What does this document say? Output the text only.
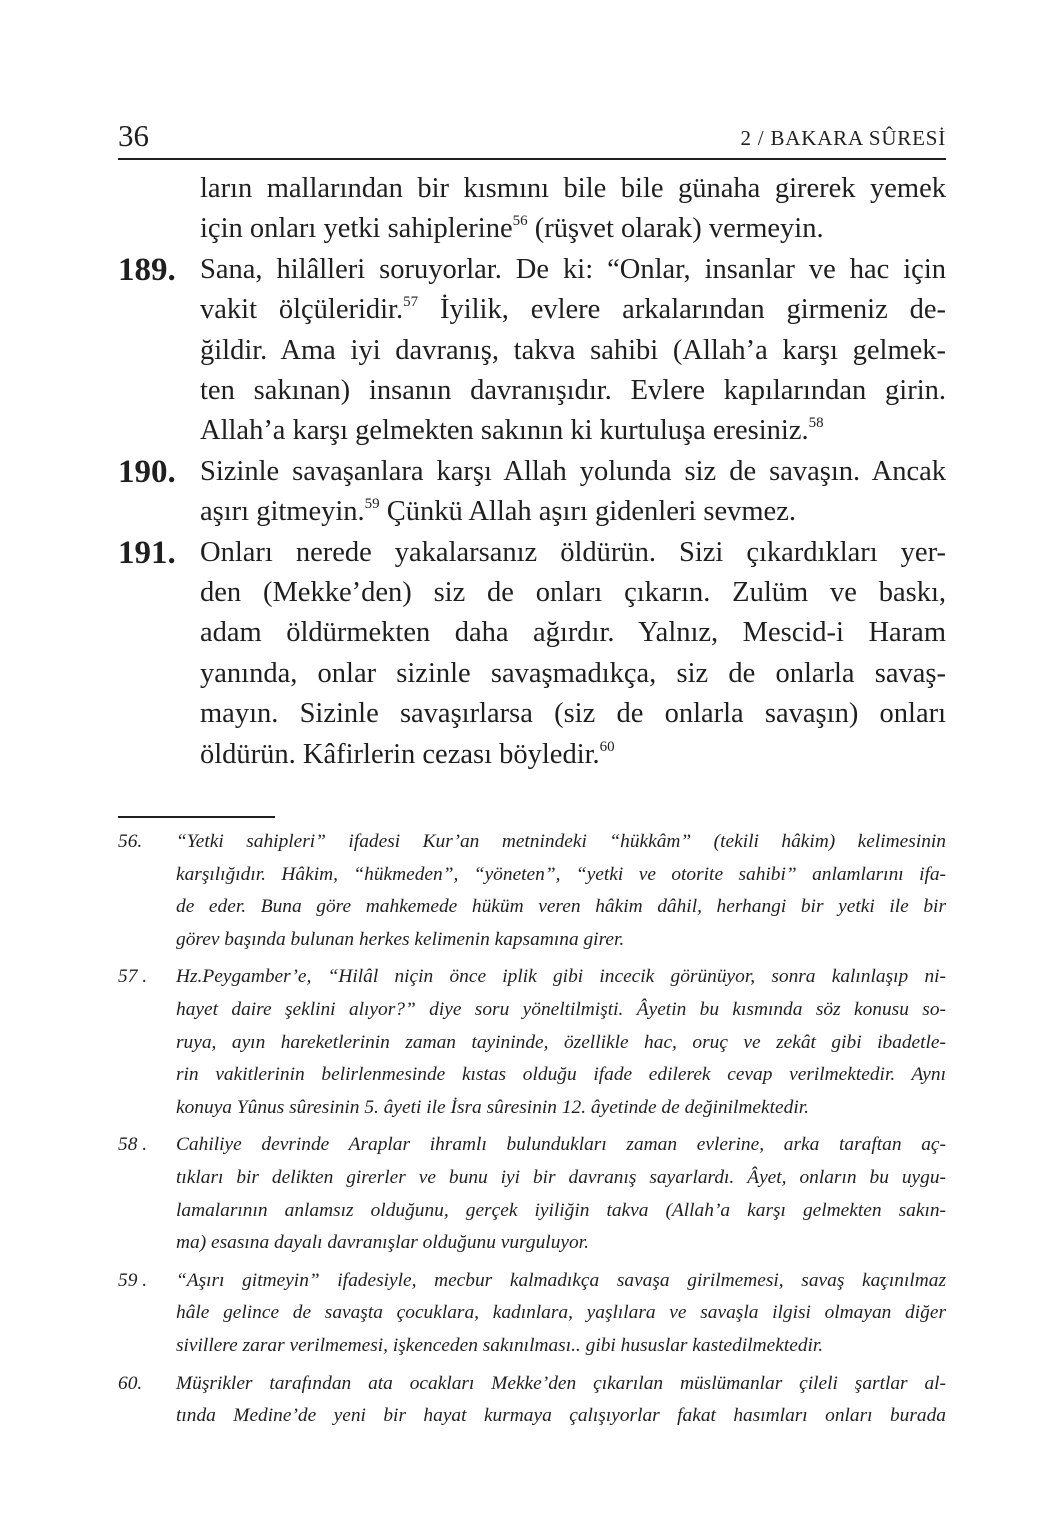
36	2 / BAKARA SÛRESİ
ların mallarından bir kısmını bile bile günaha girerek yemek
için onları yetki sahiplerine$^{56}$ (rüşvet olarak) vermeyin.
189. Sana, hilâlleri soruyorlar. De ki: “Onlar, insanlar ve hac için
vakit ölçüleridir.$^{57}$ İyilik, evlere arkalarından girmeniz de-
ğildir. Ama iyi davranış, takva sahibi (Allah’a karşı gelmek-
ten sakınan) insanın davranışıdır. Evlere kapılarından girin.
Allah’a karşı gelmekten sakının ki kurtuluşa eresiniz.$^{58}$
190. Sizinle savaşanlara karşı Allah yolunda siz de savaşın. Ancak
aşırı gitmeyin.$^{59}$ Çünkü Allah aşırı gidenleri sevmez.
191. Onları nerede yakalarsanız öldürün. Sizi çıkardıkları yer-
den (Mekke’den) siz de onları çıkarın. Zulüm ve baskı,
adam öldürmekten daha ağırdır. Yalnız, Mescid-i Haram
yanında, onlar sizinle savaşmadıkça, siz de onlarla savaş-
mayın. Sizinle savaşırlarsa (siz de onlarla savaşın) onları
öldürün. Kâfirlerin cezası böyledir.$^{60}$
56. “Yetki sahipleri” ifadesi Kur’an metnindeki “hükkâm” (tekili hâkim) kelimesinin
karşılığıdır. Hâkim, “hükmeden”, “yöneten”, “yetki ve otorite sahibi” anlamlarını ifa-
de eder. Buna göre mahkemede hüküm veren hâkim dâhil, herhangi bir yetki ile bir
görev başında bulunan herkes kelimenin kapsamına girer.
57 . Hz.Peygamber’e, “Hilâl niçin önce iplik gibi incecik görünüyor, sonra kalınlaşıp ni-
hayet daire şeklini alıyor?” diye soru yöneltilmişti. Âyetin bu kısmında söz konusu so-
ruya, ayın hareketlerinin zaman tayininde, özellikle hac, oruç ve zekât gibi ibadetle-
rin vakitlerinin belirlenmesinde kıstas olduğu ifade edilerek cevap verilmektedir. Aynı
konuya Yûnus sûresinin 5. âyeti ile İsra sûresinin 12. âyetinde de değinilmektedir.
58 . Cahiliye devrinde Araplar ihramlı bulundukları zaman evlerine, arka taraftan aç-
tıkları bir delikten girerler ve bunu iyi bir davranış sayarlardı. Âyet, onların bu uygu-
lamalarının anlamsız olduğunu, gerçek iyiliğin takva (Allah’a karşı gelmekten sakın-
ma) esasına dayalı davranışlar olduğunu vurguluyor.
59 . “Aşırı gitmeyin” ifadesiyle, mecbur kalmadıkça savaşa girilmemesi, savaş kaçınılmaz
hâle gelince de savaşta çocuklara, kadınlara, yaşlılara ve savaşla ilgisi olmayan diğer
sivillere zarar verilmemesi, işkenceden sakınılması.. gibi hususlar kastedilmektedir.
60. Müşrikler tarafından ata ocakları Mekke’den çıkarılan müslümanlar çileli şartlar al-
tında Medine’de yeni bir hayat kurmaya çalışıyorlar fakat hasımları onları burada
